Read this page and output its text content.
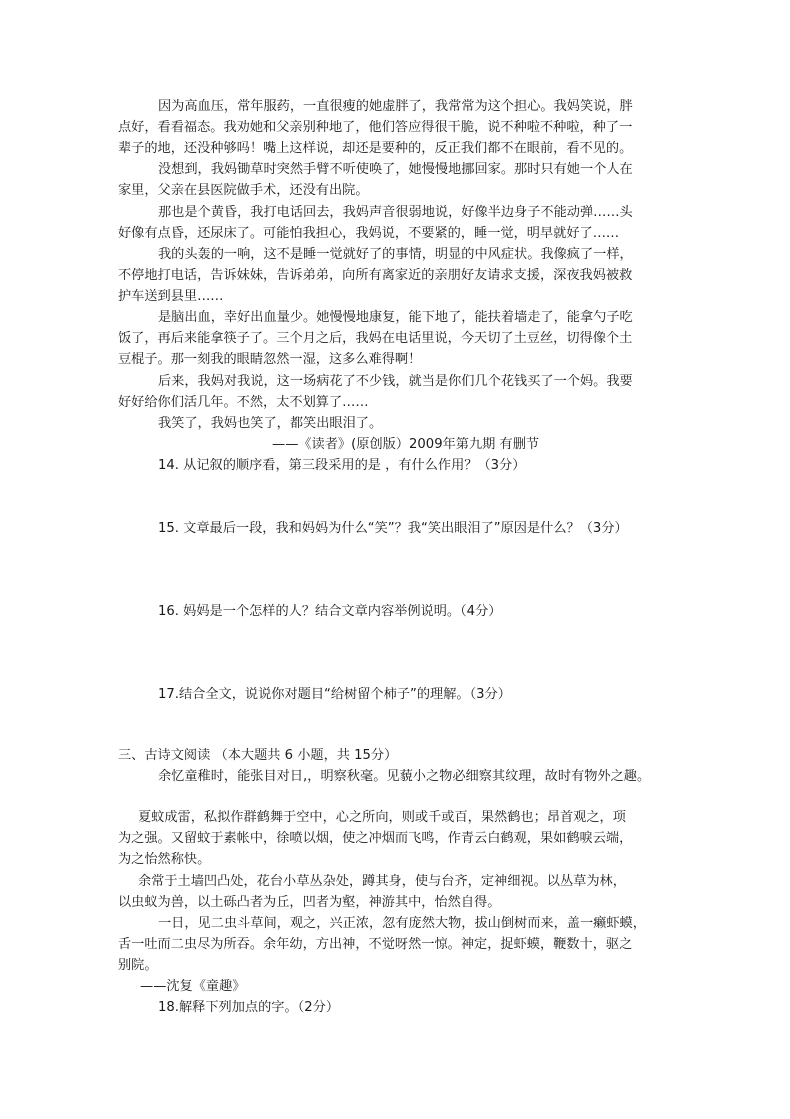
因为高血压，常年服药，一直很瘦的她虚胖了，我常常为这个担心。我妈笑说，胖
点好，看看福态。我劝她和父亲别种地了，他们答应得很干脆，说不种啦不种啦，种了一
辈子的地，还没种够吗！嘴上这样说，却还是要种的，反正我们都不在眼前，看不见的。
没想到，我妈锄草时突然手臂不听使唤了，她慢慢地挪回家。那时只有她一个人在
家里，父亲在县医院做手术，还没有出院。
那也是个黄昏，我打电话回去，我妈声音很弱地说，好像半边身子不能动弹……头
好像有点昏，还尿床了。可能怕我担心，我妈说，不要紧的，睡一觉，明早就好了……
我的头轰的一响，这不是睡一觉就好了的事情，明显的中风症状。我像疯了一样，
不停地打电话，告诉妹妹，告诉弟弟，向所有离家近的亲朋好友请求支援，深夜我妈被救
护车送到县里……
是脑出血，幸好出血量少。她慢慢地康复，能下地了，能扶着墙走了，能拿勺子吃
饭了，再后来能拿筷子了。三个月之后，我妈在电话里说，今天切了土豆丝，切得像个土
豆棍子。那一刻我的眼睛忽然一湿，这多么难得啊！
后来，我妈对我说，这一场病花了不少钱，就当是你们几个花钱买了一个妈。我要
好好给你们活几年。不然，太不划算了……
我笑了，我妈也笑了，都笑出眼泪了。
——《读者》(原创版）2009年第九期 有删节
14. 从记叙的顺序看，第三段采用的是 ，有什么作用？（3分）
15. 文章最后一段，我和妈妈为什么“笑”？我“笑出眼泪了”原因是什么？（3分）
16. 妈妈是一个怎样的人？结合文章内容举例说明。（4分）
17.结合全文，说说你对题目“给树留个柿子”的理解。（3分）
三、古诗文阅读 （本大题共 6 小题，共 15分）
余忆童稚时，能张目对日,，明察秋毫。见藐小之物必细察其纹理，故时有物外之趣。
夏蚊成雷，私拟作群鹤舞于空中，心之所向，则或千或百，果然鹤也；昂首观之，项
为之强。又留蚊于素帐中，徐喷以烟，使之冲烟而飞鸣，作青云白鹤观，果如鹤唳云端，
为之怡然称快。
余常于土墙凹凸处，花台小草丛杂处，蹲其身，使与台齐，定神细视。以丛草为林，
以虫蚁为兽，以土砾凸者为丘，凹者为壑，神游其中，怡然自得。
一日，见二虫斗草间，观之，兴正浓，忽有庞然大物，拔山倒树而来，盖一癞虾蟆，
舌一吐而二虫尽为所吞。余年幼，方出神，不觉呀然一惊。神定，捉虾蟆，鞭数十，驱之
别院。
——沈复《童趣》
18.解释下列加点的字。（2分）
